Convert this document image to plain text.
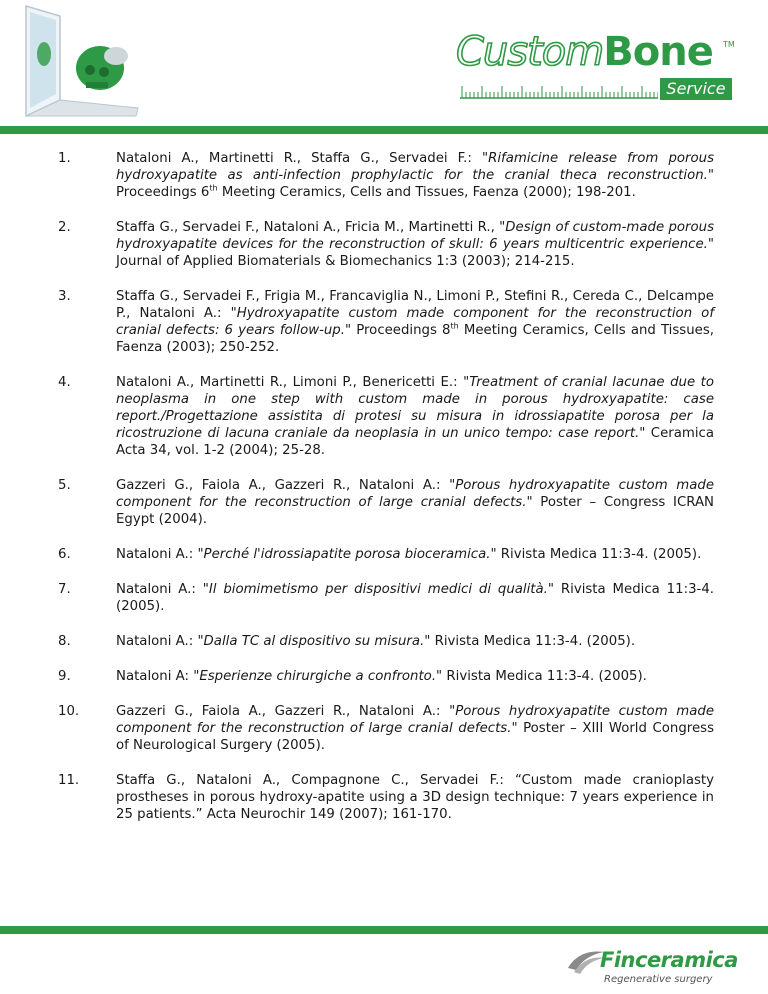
CustomBone TM
Service
1.	Nataloni A., Martinetti R., Staffa G., Servadei F.: "Rifamicine release from porous hydroxyapatite as anti-infection prophylactic for the cranial theca reconstruction." Proceedings 6th Meeting Ceramics, Cells and Tissues, Faenza (2000); 198-201.
2.	Staffa G., Servadei F., Nataloni A., Fricia M., Martinetti R., "Design of custom-made porous hydroxyapatite devices for the reconstruction of skull: 6 years multicentric experience." Journal of Applied Biomaterials & Biomechanics 1:3 (2003); 214-215.
3.	Staffa G., Servadei F., Frigia M., Francaviglia N., Limoni P., Stefini R., Cereda C., Delcampe P., Nataloni A.: "Hydroxyapatite custom made component for the reconstruction of cranial defects: 6 years follow-up." Proceedings 8th Meeting Ceramics, Cells and Tissues, Faenza (2003); 250-252.
4.	Nataloni A., Martinetti R., Limoni P., Benericetti E.: "Treatment of cranial lacunae due to neoplasma in one step with custom made in porous hydroxyapatite: case report./Progettazione assistita di protesi su misura in idrossiapatite porosa per la ricostruzione di lacuna craniale da neoplasia in un unico tempo: case report." Ceramica Acta 34, vol. 1-2 (2004); 25-28.
5.	Gazzeri G., Faiola A., Gazzeri R., Nataloni A.: "Porous hydroxyapatite custom made component for the reconstruction of large cranial defects." Poster – Congress ICRAN Egypt (2004).
6.	Nataloni A.: "Perché l'idrossiapatite porosa bioceramica." Rivista Medica 11:3-4. (2005).
7.	Nataloni A.: "Il biomimetismo per dispositivi medici di qualità." Rivista Medica 11:3-4. (2005).
8.	Nataloni A.: "Dalla TC al dispositivo su misura." Rivista Medica 11:3-4. (2005).
9.	Nataloni A: "Esperienze chirurgiche a confronto." Rivista Medica 11:3-4. (2005).
10.	Gazzeri G., Faiola A., Gazzeri R., Nataloni A.: "Porous hydroxyapatite custom made component for the reconstruction of large cranial defects." Poster – XIII World Congress of Neurological Surgery (2005).
11.	Staffa G., Nataloni A., Compagnone C., Servadei F.: “Custom made cranioplasty prostheses in porous hydroxy-apatite using a 3D design technique: 7 years experience in 25 patients.” Acta Neurochir 149 (2007); 161-170.
Finceramica
Regenerative surgery
